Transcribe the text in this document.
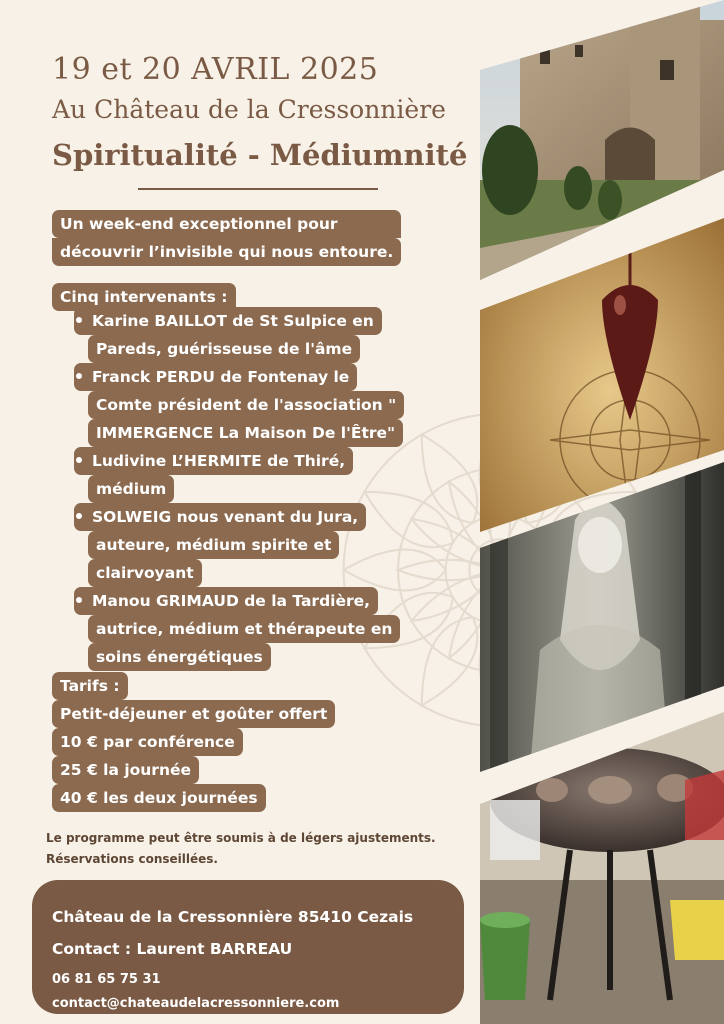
19 et 20 AVRIL 2025
Au Château de la Cressonnière
Spiritualité - Médiumnité
Un week-end exceptionnel pour
découvrir l’invisible qui nous entoure.
Cinq intervenants :
Karine BAILLOT de St Sulpice en
Pareds, guérisseuse de l'âme
Franck PERDU de Fontenay le
Comte président de l'association "
IMMERGENCE La Maison De l'Être"
Ludivine L’HERMITE de Thiré,
médium
SOLWEIG nous venant du Jura,
auteure, médium spirite et
clairvoyant
Manou GRIMAUD de la Tardière,
autrice, médium et thérapeute en
soins énergétiques
Tarifs :
Petit-déjeuner et goûter offert
10 € par conférence
25 € la journée
40 € les deux journées
Le programme peut être soumis à de légers ajustements.
Réservations conseillées.
Château de la Cressonnière 85410 Cezais
Contact : Laurent BARREAU
06 81 65 75 31
contact@chateaudelacressonniere.com
